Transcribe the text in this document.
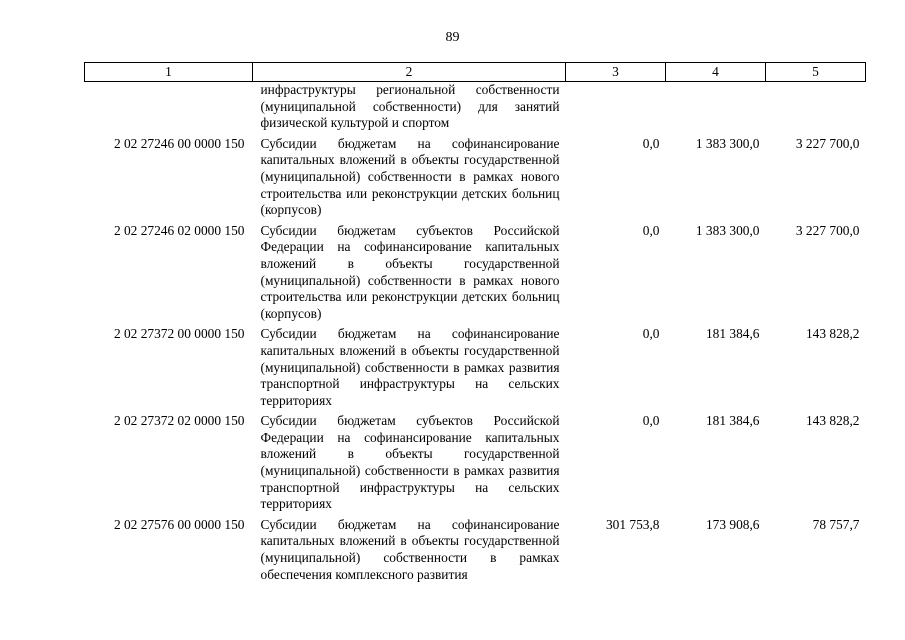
89
1	2	3	4	5
	инфраструктуры региональной собственности (муниципальной собственности) для занятий физической культурой и спортом			
2 02 27246 00 0000 150	Субсидии бюджетам на софинансирование капитальных вложений в объекты государственной (муниципальной) собственности в рамках нового строительства или реконструкции детских больниц (корпусов)	0,0	1 383 300,0	3 227 700,0
2 02 27246 02 0000 150	Субсидии бюджетам субъектов Российской Федерации на софинансирование капитальных вложений в объекты государственной (муниципальной) собственности в рамках нового строительства или реконструкции детских больниц (корпусов)	0,0	1 383 300,0	3 227 700,0
2 02 27372 00 0000 150	Субсидии бюджетам на софинансирование капитальных вложений в объекты государственной (муниципальной) собственности в рамках развития транспортной инфраструктуры на сельских территориях	0,0	181 384,6	143 828,2
2 02 27372 02 0000 150	Субсидии бюджетам субъектов Российской Федерации на софинансирование капитальных вложений в объекты государственной (муниципальной) собственности в рамках развития транспортной инфраструктуры на сельских территориях	0,0	181 384,6	143 828,2
2 02 27576 00 0000 150	Субсидии бюджетам на софинансирование капитальных вложений в объекты государственной (муниципальной) собственности в рамках обеспечения комплексного развития	301 753,8	173 908,6	78 757,7
